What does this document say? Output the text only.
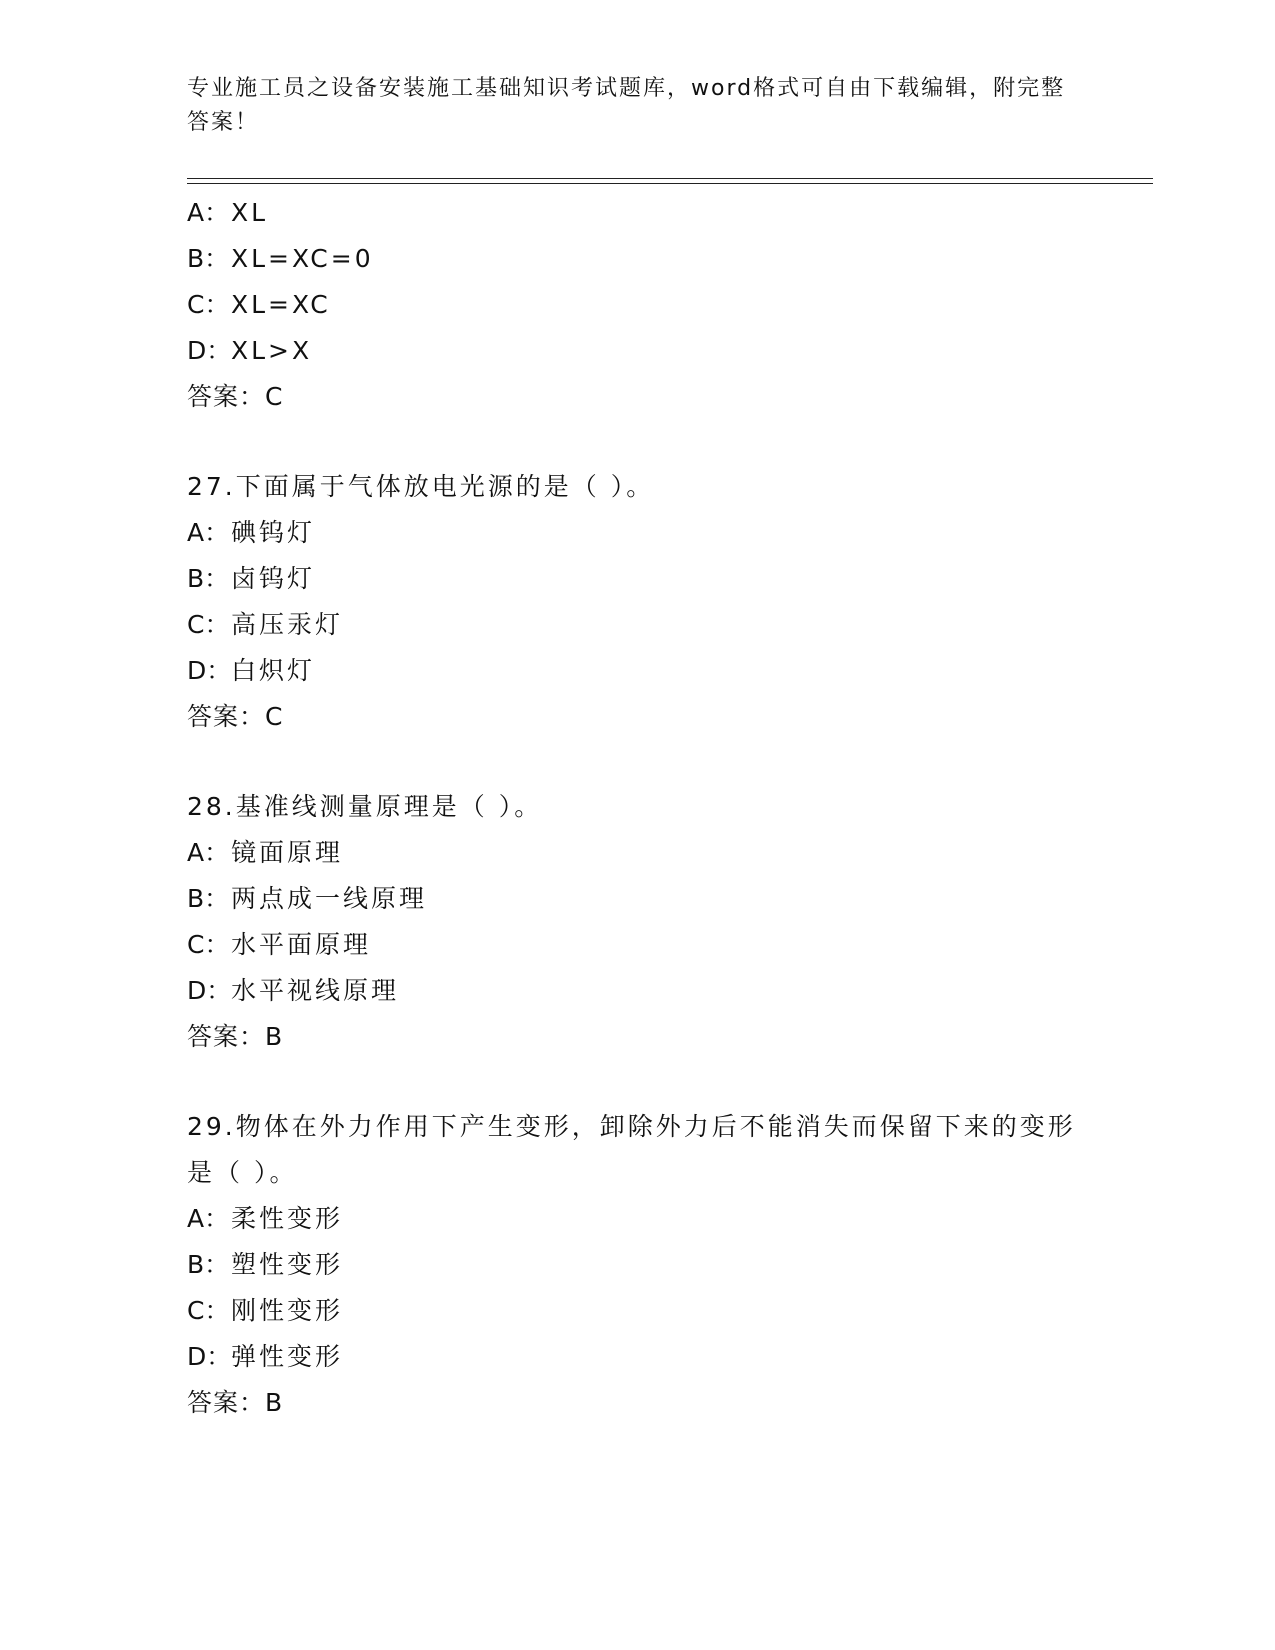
专业施工员之设备安装施工基础知识考试题库，word格式可自由下载编辑，附完整答案！
A：XL
B：XL=XC=0
C：XL=XC
D：XL>X
答案：C
27.下面属于气体放电光源的是（ ）。
A：碘钨灯
B：卤钨灯
C：高压汞灯
D：白炽灯
答案：C
28.基准线测量原理是（ ）。
A：镜面原理
B：两点成一线原理
C：水平面原理
D：水平视线原理
答案：B
29.物体在外力作用下产生变形，卸除外力后不能消失而保留下来的变形是（ ）。
A：柔性变形
B：塑性变形
C：刚性变形
D：弹性变形
答案：B
